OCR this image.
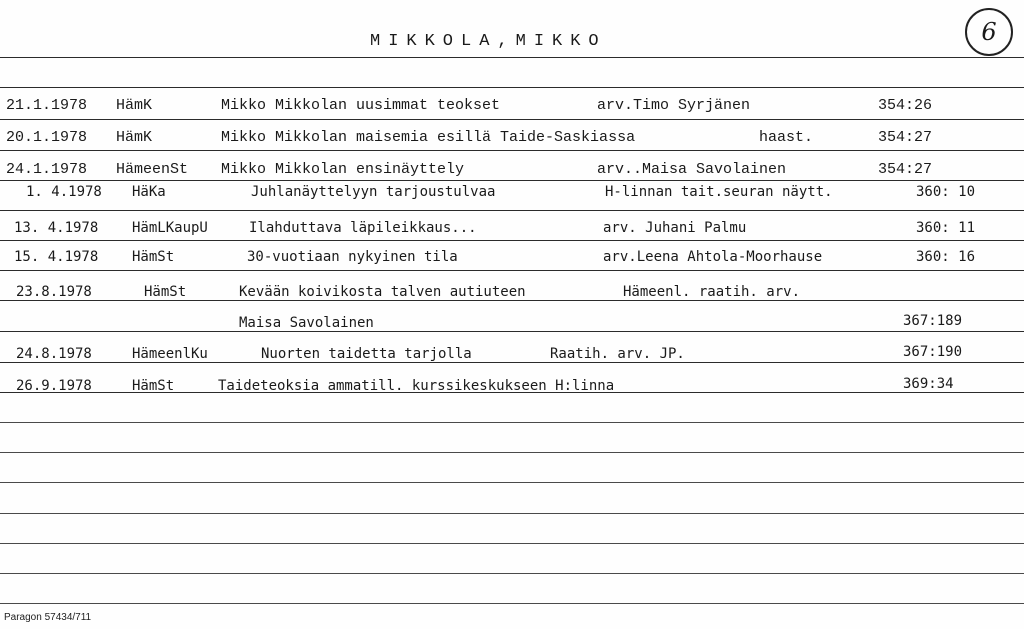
MIKKOLA,MIKKO	6
21.1.1978 HämK	Mikko Mikkolan uusimmat teokset	arv.Timo Syrjänen	354:26
20.1.1978 HämK	Mikko Mikkolan maisemia esillä Taide-Saskiassa	haast.	354:27
24.1.1978 HämeenSt Mikko Mikkolan ensinäyttely	arv..Maisa Savolainen	354:27
1. 4.1978 HäKa	Juhlanäyttelyyn tarjoustulvaa	H-linnan tait.seuran näytt.	360: 10
13. 4.1978 HämLKaupU	Ilahduttava läpileikkaus...	arv. Juhani Palmu	360: 11
15. 4.1978 HämSt	30-vuotiaan nykyinen tila	arv.Leena Ahtola-Moorhause	360: 16
23.8.1978	HämSt	Kevään koivikosta talven autiuteen	Hämeenl. raatih. arv.
Maisa Savolainen	367:189
24.8.1978	HämeenlKu	Nuorten taidetta tarjolla	Raatih. arv. JP.	367:190
26.9.1978	HämSt	Taideteoksia ammatill. kurssikeskukseen H:linna	369:34
Paragon 57434/711
